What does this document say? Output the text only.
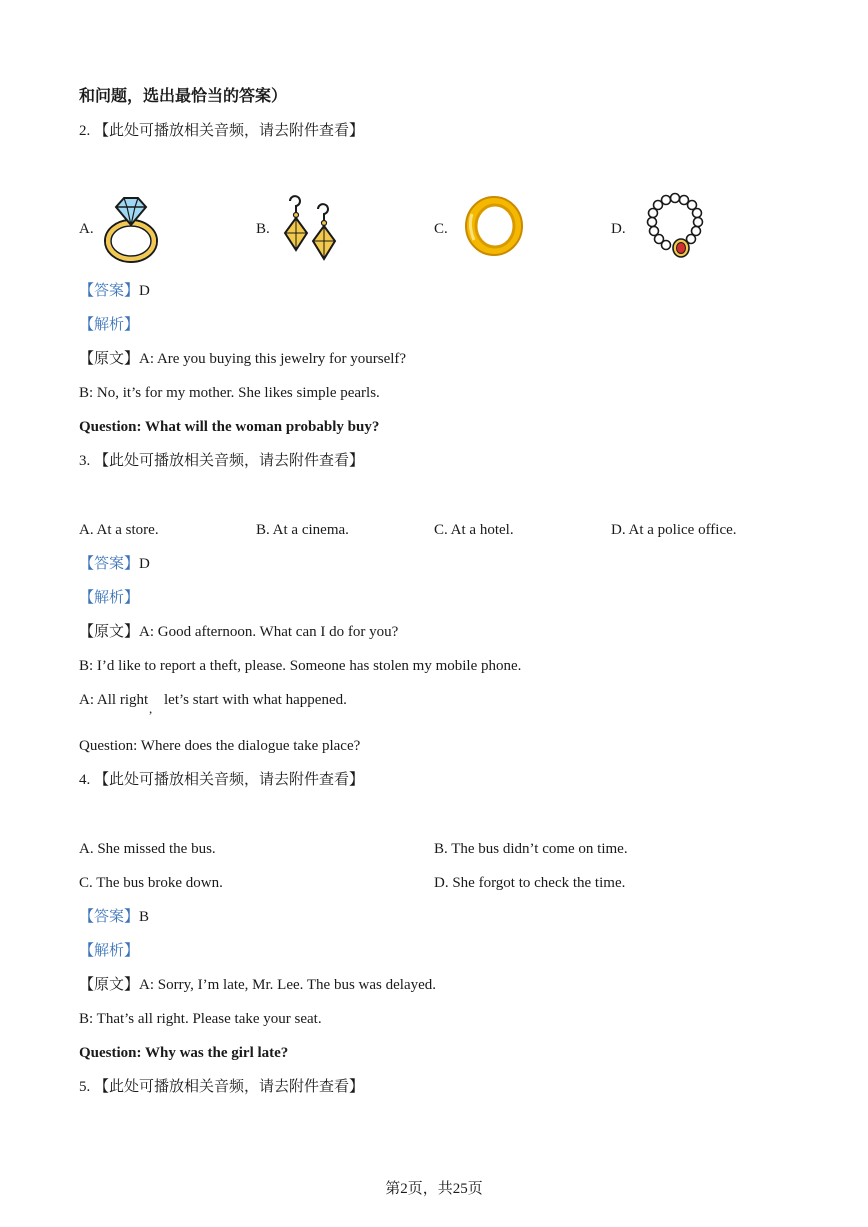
和问题，选出最恰当的答案）
2. 【此处可播放相关音频，请去附件查看】
A.	B.	C.	D.
【答案】D
【解析】
【原文】A: Are you buying this jewelry for yourself?
B: No, it’s for my mother. She likes simple pearls.
Question: What will the woman probably buy?
3. 【此处可播放相关音频，请去附件查看】
A. At a store.	B. At a cinema.	C. At a hotel.	D. At a police office.
【答案】D
【解析】
【原文】A: Good afternoon. What can I do for you?
B: I’d like to report a theft, please. Someone has stolen my mobile phone.
A: All right
,
let’s start with what happened.
Question: Where does the dialogue take place?
4. 【此处可播放相关音频，请去附件查看】
A. She missed the bus.	B. The bus didn’t come on time.
C. The bus broke down.	D. She forgot to check the time.
【答案】B
【解析】
【原文】A: Sorry, I’m late, Mr. Lee. The bus was delayed.
B: That’s all right. Please take your seat.
Question: Why was the girl late?
5. 【此处可播放相关音频，请去附件查看】
第2页，共25页
